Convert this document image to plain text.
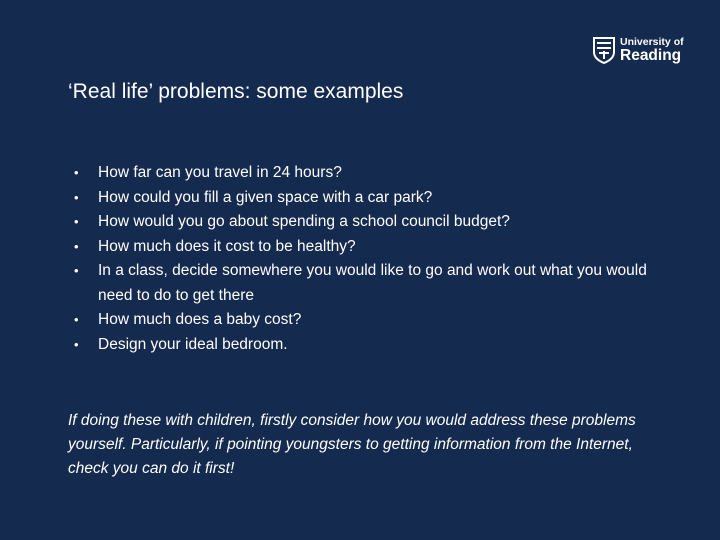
University of
Reading
‘Real life’ problems: some examples
• How far can you travel in 24 hours?
• How could you fill a given space with a car park?
• How would you go about spending a school council budget?
• How much does it cost to be healthy?
• In a class, decide somewhere you would like to go and work out what you would need to do to get there
• How much does a baby cost?
• Design your ideal bedroom.
If doing these with children, firstly consider how you would address these problems yourself. Particularly, if pointing youngsters to getting information from the Internet, check you can do it first!
